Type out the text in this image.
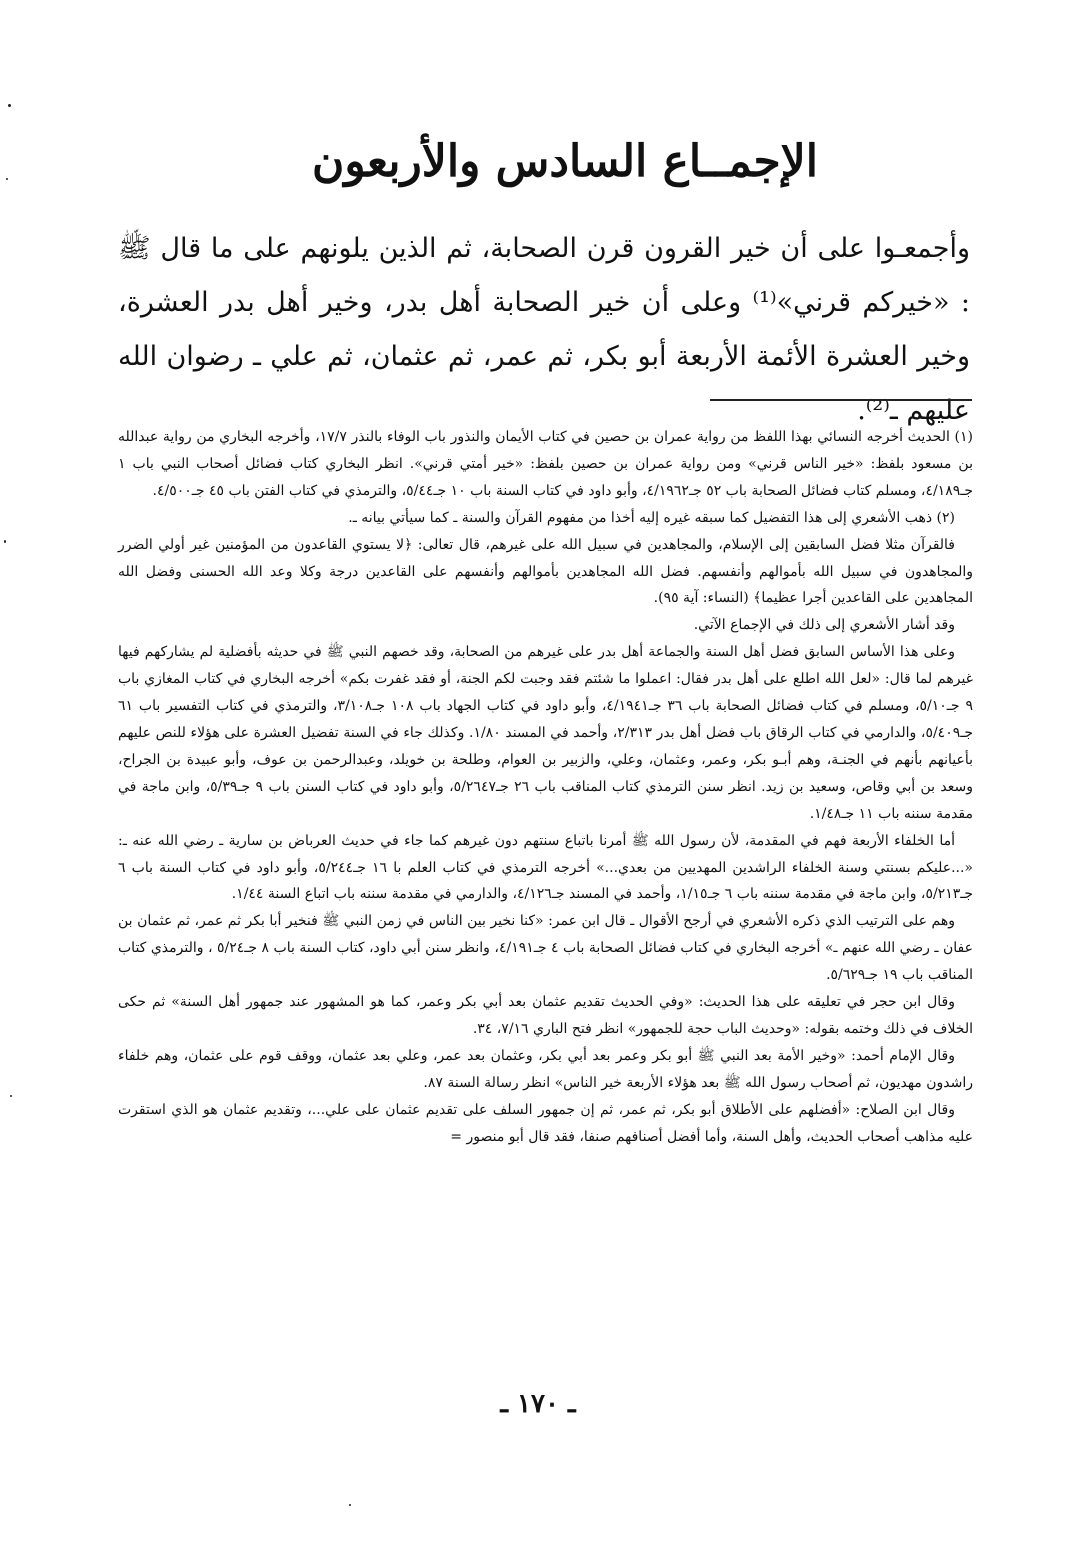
الإجمــاع السادس والأربعون

وأجمعـوا على أن خير القرون قرن الصحابة، ثم الذين يلونهم على ما قال ﷺ : «خيركم قرني»⁽¹⁾ وعلى أن خير الصحابة أهل بدر، وخير أهل بدر العشرة، وخير العشرة الأئمة الأربعة أبو بكر، ثم عمر، ثم عثمان، ثم علي ـ رضوان الله عليهم ـ⁽²⁾.

(١) الحديث أخرجه النسائي بهذا اللفظ من رواية عمران بن حصين في كتاب الأيمان والنذور باب الوفاء بالنذر ١٧/٧، وأخرجه البخاري من رواية عبدالله بن مسعود بلفظ: «خير الناس قرني» ومن رواية عمران بن حصين بلفظ: «خير أمتي قرني». انظر البخاري كتاب فضائل أصحاب النبي باب ١ جـ٤/١٨٩، ومسلم كتاب فضائل الصحابة باب ٥٢ جـ٤/١٩٦٢، وأبو داود في كتاب السنة باب ١٠ جـ٥/٤٤، والترمذي في كتاب الفتن باب ٤٥ جـ٤/٥٠٠.

(٢) ذهب الأشعري إلى هذا التفضيل كما سبقه غيره إليه أخذا من مفهوم القرآن والسنة ـ كما سيأتي بيانه ـ.

فالقرآن مثلا فضل السابقين إلى الإسلام، والمجاهدين في سبيل الله على غيرهم، قال تعالى: ﴿لا يستوي القاعدون من المؤمنين غير أولي الضرر والمجاهدون في سبيل الله بأموالهم وأنفسهم. فضل الله المجاهدين بأموالهم وأنفسهم على القاعدين درجة وكلا وعد الله الحسنى وفضل الله المجاهدين على القاعدين أجرا عظيما﴾ (النساء: آية ٩٥).

وقد أشار الأشعري إلى ذلك في الإجماع الآتي.

وعلى هذا الأساس السابق فضل أهل السنة والجماعة أهل بدر على غيرهم من الصحابة، وقد خصهم النبي ﷺ في حديثه بأفضلية لم يشاركهم فيها غيرهم لما قال: «لعل الله اطلع على أهل بدر فقال: اعملوا ما شئتم فقد وجبت لكم الجنة، أو فقد غفرت بكم» أخرجه البخاري في كتاب المغازي باب ٩ جـ٥/١٠، ومسلم في كتاب فضائل الصحابة باب ٣٦ جـ٤/١٩٤١، وأبو داود في كتاب الجهاد باب ١٠٨ جـ٣/١٠٨، والترمذي في كتاب التفسير باب ٦١ جـ٥/٤٠٩، والدارمي في كتاب الرقاق باب فضل أهل بدر ٢/٣١٣، وأحمد في المسند ١/٨٠. وكذلك جاء في السنة تفضيل العشرة على هؤلاء للنص عليهم بأعيانهم بأنهم في الجنـة، وهم أبـو بكر، وعمر، وعثمان، وعلي، والزبير بن العوام، وطلحة بن خويلد، وعبدالرحمن بن عوف، وأبو عبيدة بن الجراح، وسعد بن أبي وقاص، وسعيد بن زيد. انظر سنن الترمذي كتاب المناقب باب ٢٦ جـ٥/٢٦٤٧، وأبو داود في كتاب السنن باب ٩ جـ٥/٣٩، وابن ماجة في مقدمة سننه باب ١١ جـ١/٤٨.

أما الخلفاء الأربعة فهم في المقدمة، لأن رسول الله ﷺ أمرنا باتباع سنتهم دون غيرهم كما جاء في حديث العرباض بن سارية ـ رضي الله عنه ـ: «...عليكم بسنتي وسنة الخلفاء الراشدين المهديين من بعدي...» أخرجه الترمذي في كتاب العلم با ١٦ جـ٥/٢٤٤، وأبو داود في كتاب السنة باب ٦ جـ٥/٢١٣، وابن ماجة في مقدمة سننه باب ٦ جـ١/١٥، وأحمد في المسند جـ٤/١٢٦، والدارمي في مقدمة سننه باب اتباع السنة ١/٤٤.

وهم على الترتيب الذي ذكره الأشعري في أرجح الأقوال ـ قال ابن عمر: «كنا نخير بين الناس في زمن النبي ﷺ فنخير أبا بكر ثم عمر، ثم عثمان بن عفان ـ رضي الله عنهم ـ» أخرجه البخاري في كتاب فضائل الصحابة باب ٤ جـ٤/١٩١، وانظر سنن أبي داود، كتاب السنة باب ٨ جـ٥/٢٤ ، والترمذي كتاب المناقب باب ١٩ جـ٥/٦٢٩.

وقال ابن حجر في تعليقه على هذا الحديث: «وفي الحديث تقديم عثمان بعد أبي بكر وعمر، كما هو المشهور عند جمهور أهل السنة» ثم حكى الخلاف في ذلك وختمه بقوله: «وحديث الباب حجة للجمهور» انظر فتح الباري ٧/١٦، ٣٤.

وقال الإمام أحمد: «وخير الأمة بعد النبي ﷺ أبو بكر وعمر بعد أبي بكر، وعثمان بعد عمر، وعلي بعد عثمان، ووقف قوم على عثمان، وهم خلفاء راشدون مهديون، ثم أصحاب رسول الله ﷺ بعد هؤلاء الأربعة خير الناس» انظر رسالة السنة ٨٧.

وقال ابن الصلاح: «أفضلهم على الأطلاق أبو بكر، ثم عمر، ثم إن جمهور السلف على تقديم عثمان على علي...، وتقديم عثمان هو الذي استقرت عليه مذاهب أصحاب الحديث، وأهل السنة، وأما أفضل أصنافهم صنفا، فقد قال أبو منصور =

ـ ١٧٠ ـ
